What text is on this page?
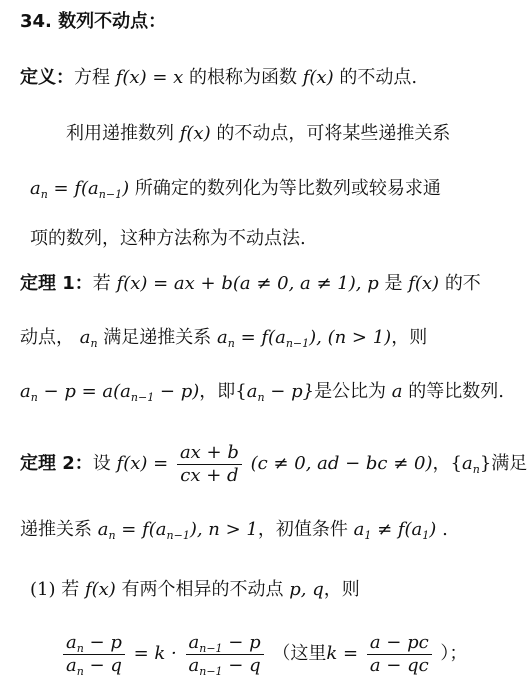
34. 数列不动点：
定义：方程 f(x) = x 的根称为函数 f(x) 的不动点.
利用递推数列 f(x) 的不动点，可将某些递推关系
$a_n = f(a_{n-1})$ 所确定的数列化为等比数列或较易求通
项的数列，这种方法称为不动点法.
定理 1：若 f(x) = ax + b(a ≠ 0, a ≠ 1), p 是 f(x) 的不
动点， $a_n$ 满足递推关系 $a_n = f(a_{n-1})$, (n > 1)，则
$a_n - p = a(a_{n-1} - p)$，即$\{a_n - p\}$是公比为 a 的等比数列.
定理 2：设 $f(x) = \frac{ax + b}{cx + d} (c \ne 0$, ad − bc ≠ 0)，$\{a_n\}$满足
递推关系 $a_n = f(a_{n-1})$, n > 1，初值条件 $a_1 \ne f(a_1)$ .
(1) 若 f(x) 有两个相异的不动点 p, q，则
$\frac{a_n - p}{a_n - q} = k \cdot \frac{a_{n-1} - p}{a_{n-1} - q}$ （这里$k = \frac{a - pc}{a - qc}$ ）；
